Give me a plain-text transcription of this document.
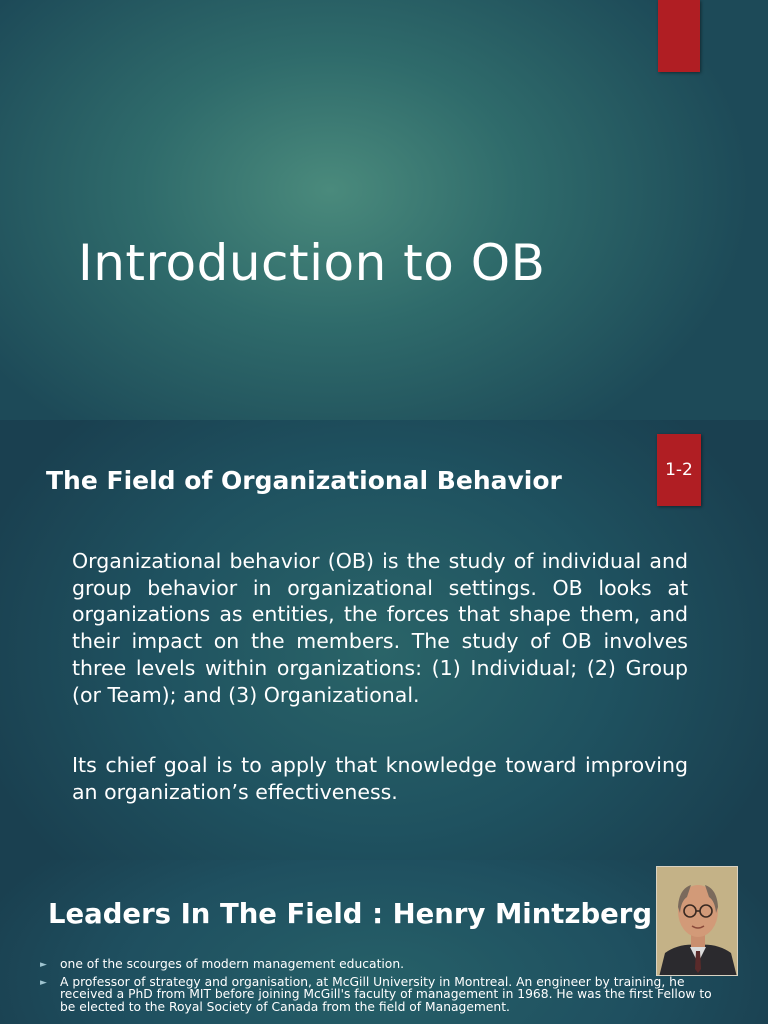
Introduction to OB
1-2
The Field of Organizational Behavior

Organizational behavior (OB) is the study of individual and group behavior in organizational settings. OB looks at organizations as entities, the forces that shape them, and their impact on the members. The study of OB involves three levels within organizations: (1) Individual; (2) Group (or Team); and (3) Organizational.

Its chief goal is to apply that knowledge toward improving an organization’s effectiveness.

Leaders In The Field : Henry Mintzberg
► one of the scourges of modern management education.
► A professor of strategy and organisation, at McGill University in Montreal. An engineer by training, he received a PhD from MIT before joining McGill's faculty of management in 1968. He was the first Fellow to be elected to the Royal Society of Canada from the field of Management.
